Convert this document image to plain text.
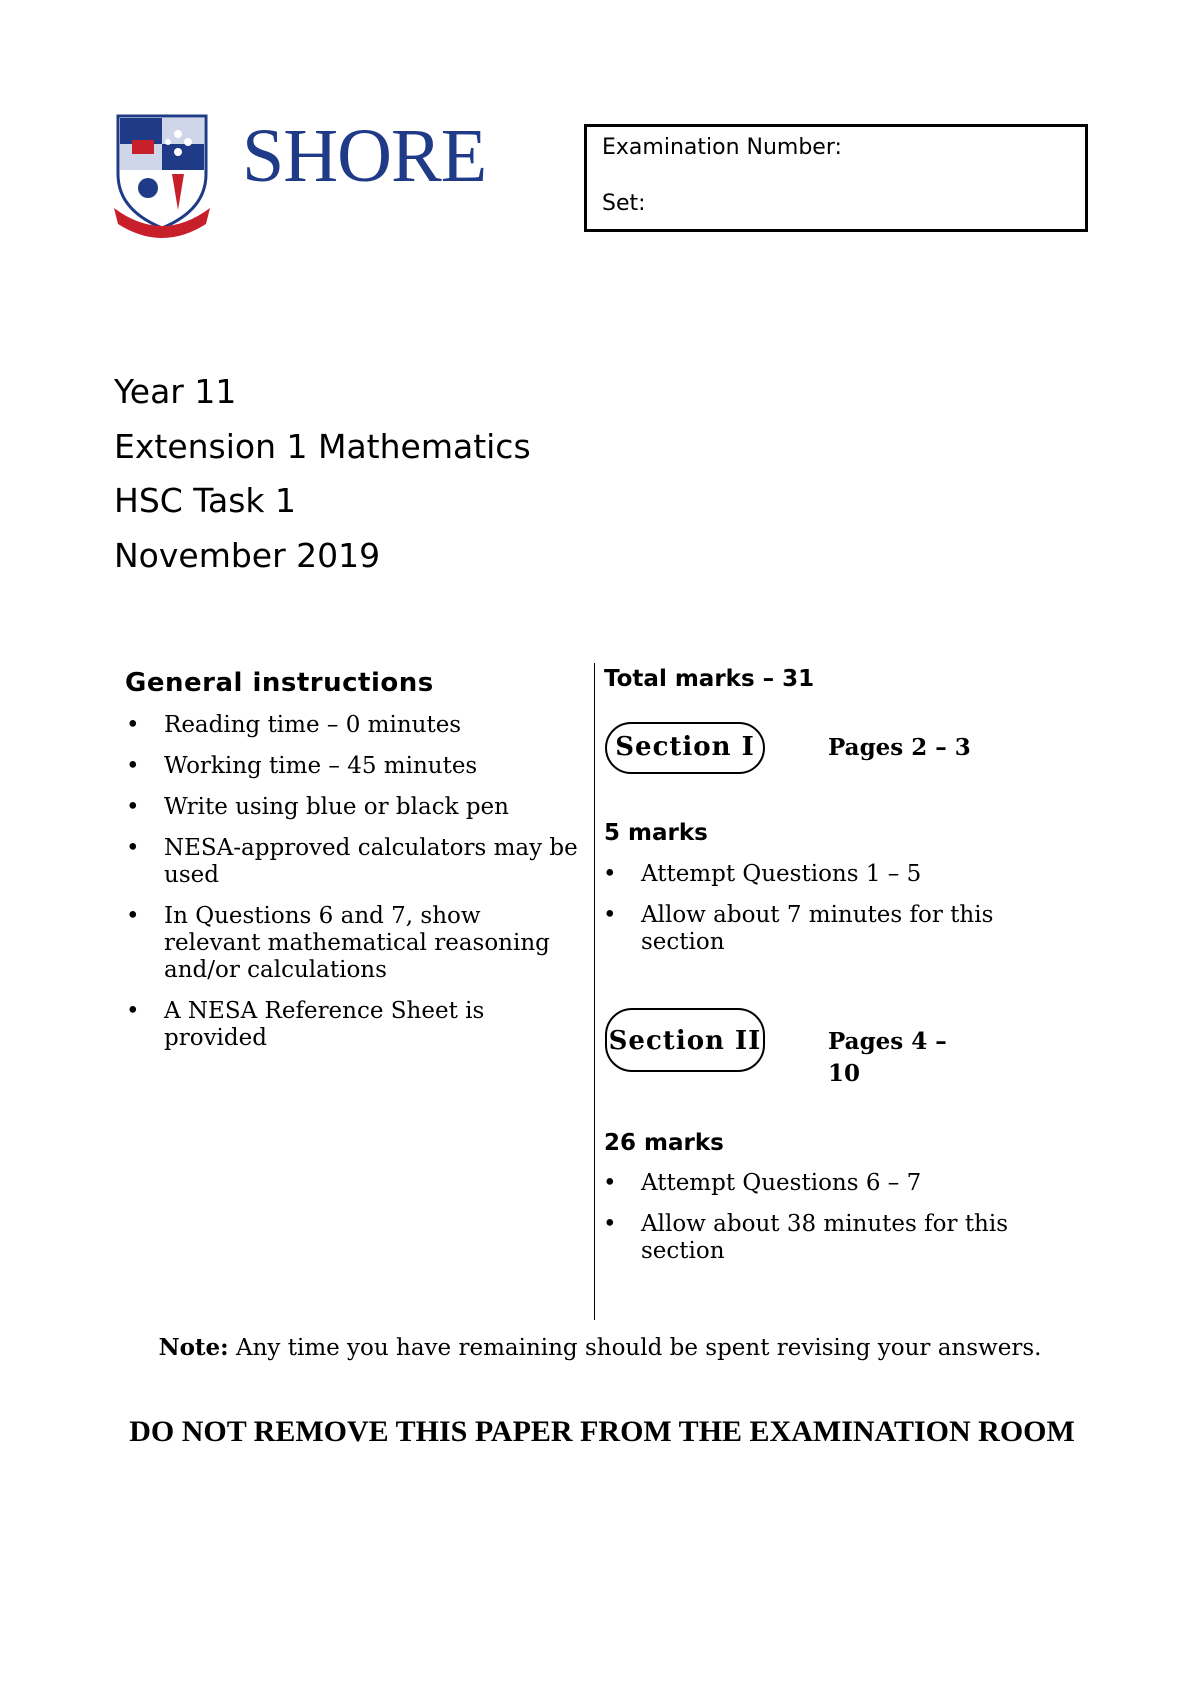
SHORE	Examination Number:
Set:
Year 11
Extension 1 Mathematics
HSC Task 1
November 2019
General instructions
• Reading time – 0 minutes
• Working time – 45 minutes
• Write using blue or black pen
• NESA-approved calculators may be used
• In Questions 6 and 7, show relevant mathematical reasoning and/or calculations
• A NESA Reference Sheet is provided
Total marks – 31
Section I	Pages 2 – 3
5 marks
• Attempt Questions 1 – 5
• Allow about 7 minutes for this section
Section II	Pages 4 – 10
26 marks
• Attempt Questions 6 – 7
• Allow about 38 minutes for this section
Note: Any time you have remaining should be spent revising your answers.
DO NOT REMOVE THIS PAPER FROM THE EXAMINATION ROOM
